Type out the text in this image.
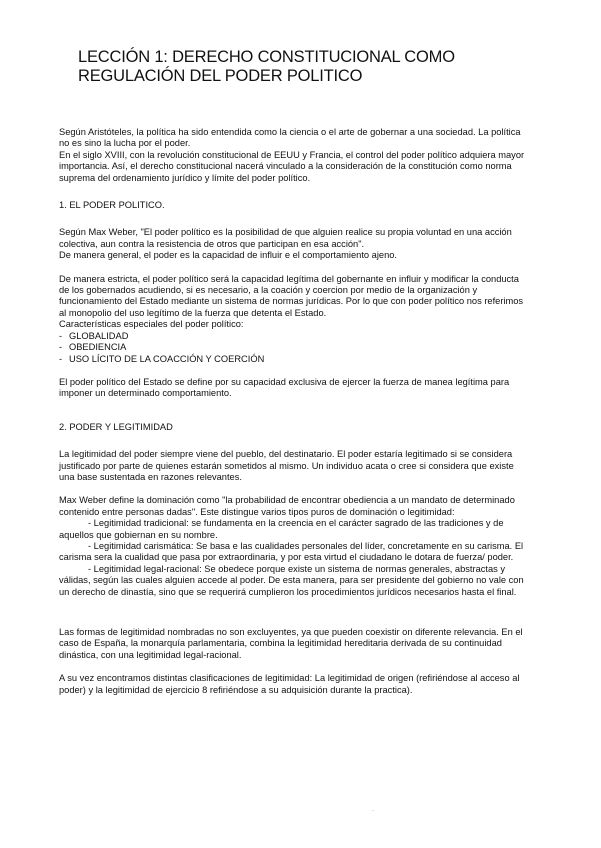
LECCIÓN 1: DERECHO CONSTITUCIONAL COMO
REGULACIÓN DEL PODER POLITICO

Según Aristóteles, la política ha sido entendida como la ciencia o el arte de gobernar a una sociedad. La política no es sino la lucha por el poder.

En el siglo XVIII, con la revolución constitucional de EEUU y Francia, el control del poder político adquiera mayor importancia. Así, el derecho constitucional nacerá vinculado a la consideración de la constitución como norma suprema del ordenamiento jurídico y límite del poder político.

1. EL PODER POLITICO.

Según Max Weber, "El poder político es la posibilidad de que alguien realice su propia voluntad en una acción colectiva, aun contra la resistencia de otros que participan en esa acción".

De manera general, el poder es la capacidad de influir e el comportamiento ajeno.

De manera estricta, el poder político será la capacidad legítima del gobernante en influir y modificar la conducta de los gobernados acudiendo, si es necesario, a la coación y coercion por medio de la organización y funcionamiento del Estado mediante un sistema de normas jurídicas. Por lo que con poder político nos referimos al monopolio del uso legítimo de la fuerza que detenta el Estado.

Características especiales del poder político:

- GLOBALIDAD
- OBEDIENCIA
- USO LÍCITO DE LA COACCIÓN Y COERCIÓN

El poder político del Estado se define por su capacidad exclusiva de ejercer la fuerza de manea legítima para imponer un determinado comportamiento.

2. PODER Y LEGITIMIDAD

La legitimidad del poder siempre viene del pueblo, del destinatario. El poder estaría legitimado si se considera justificado por parte de quienes estarán sometidos al mismo. Un individuo acata o cree si considera que existe una base sustentada en razones relevantes.

Max Weber define la dominación como "la probabilidad de encontrar obediencia a un mandato de determinado contenido entre personas dadas". Este distingue varios tipos puros de dominación o legitimidad:

- Legitimidad tradicional: se fundamenta en la creencia en el carácter sagrado de las tradiciones y de aquellos que gobiernan en su nombre.

- Legitimidad carismática: Se basa e las cualidades personales del líder, concretamente en su carisma. El carisma sera la cualidad que pasa por extraordinaria, y por esta virtud el ciudadano le dotara de fuerza/ poder.

- Legitimidad legal-racional: Se obedece porque existe un sistema de normas generales, abstractas y válidas, según las cuales alguien accede al poder. De esta manera, para ser presidente del gobierno no vale con un derecho de dinastía, sino que se requerirá cumplieron los procedimientos jurídicos necesarios hasta el final.

Las formas de legitimidad nombradas no son excluyentes, ya que pueden coexistir on diferente relevancia. En el caso de España, la monarquía parlamentaria, combina la legitimidad hereditaria derivada de su continuidad dinástica, con una legitimidad legal-racional.

A su vez encontramos distintas clasificaciones de legitimidad: La legitimidad de origen (refiriéndose al acceso al poder) y la legitimidad de ejercicio 8 refiriéndose a su adquisición durante la practica).

.
